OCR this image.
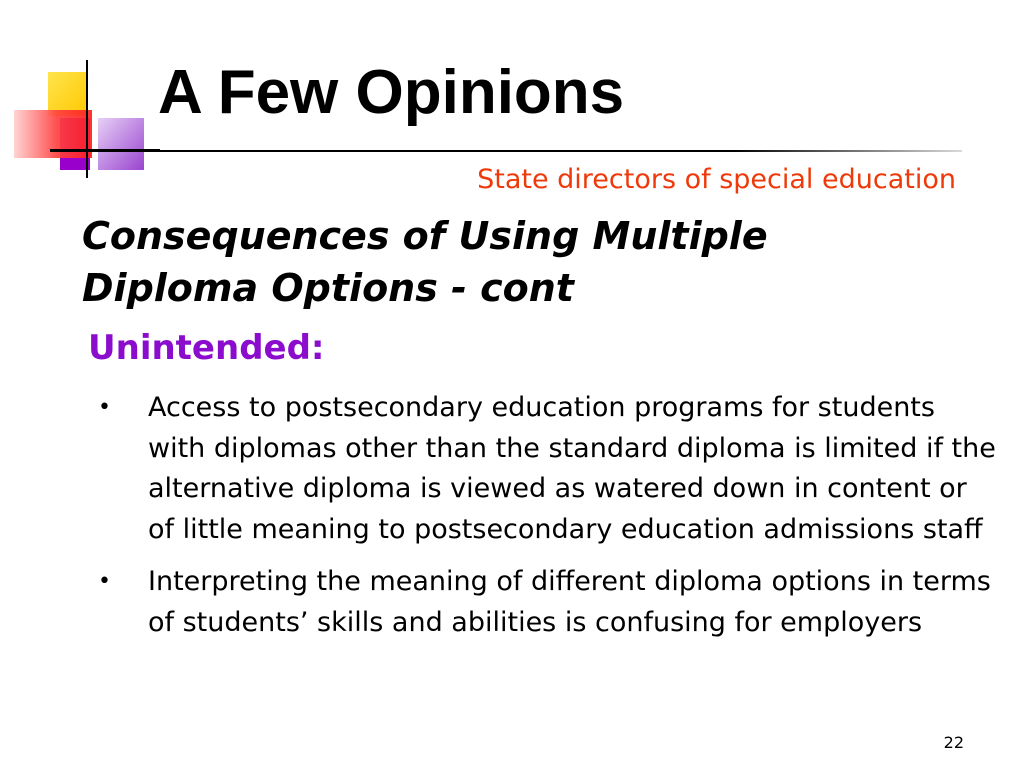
A Few Opinions
State directors of special education
Consequences of Using Multiple
Diploma Options - cont
Unintended:
•	Access to postsecondary education programs for students with diplomas other than the standard diploma is limited if the alternative diploma is viewed as watered down in content or of little meaning to postsecondary education admissions staff
•	Interpreting the meaning of different diploma options in terms of students’ skills and abilities is confusing for employers
22
